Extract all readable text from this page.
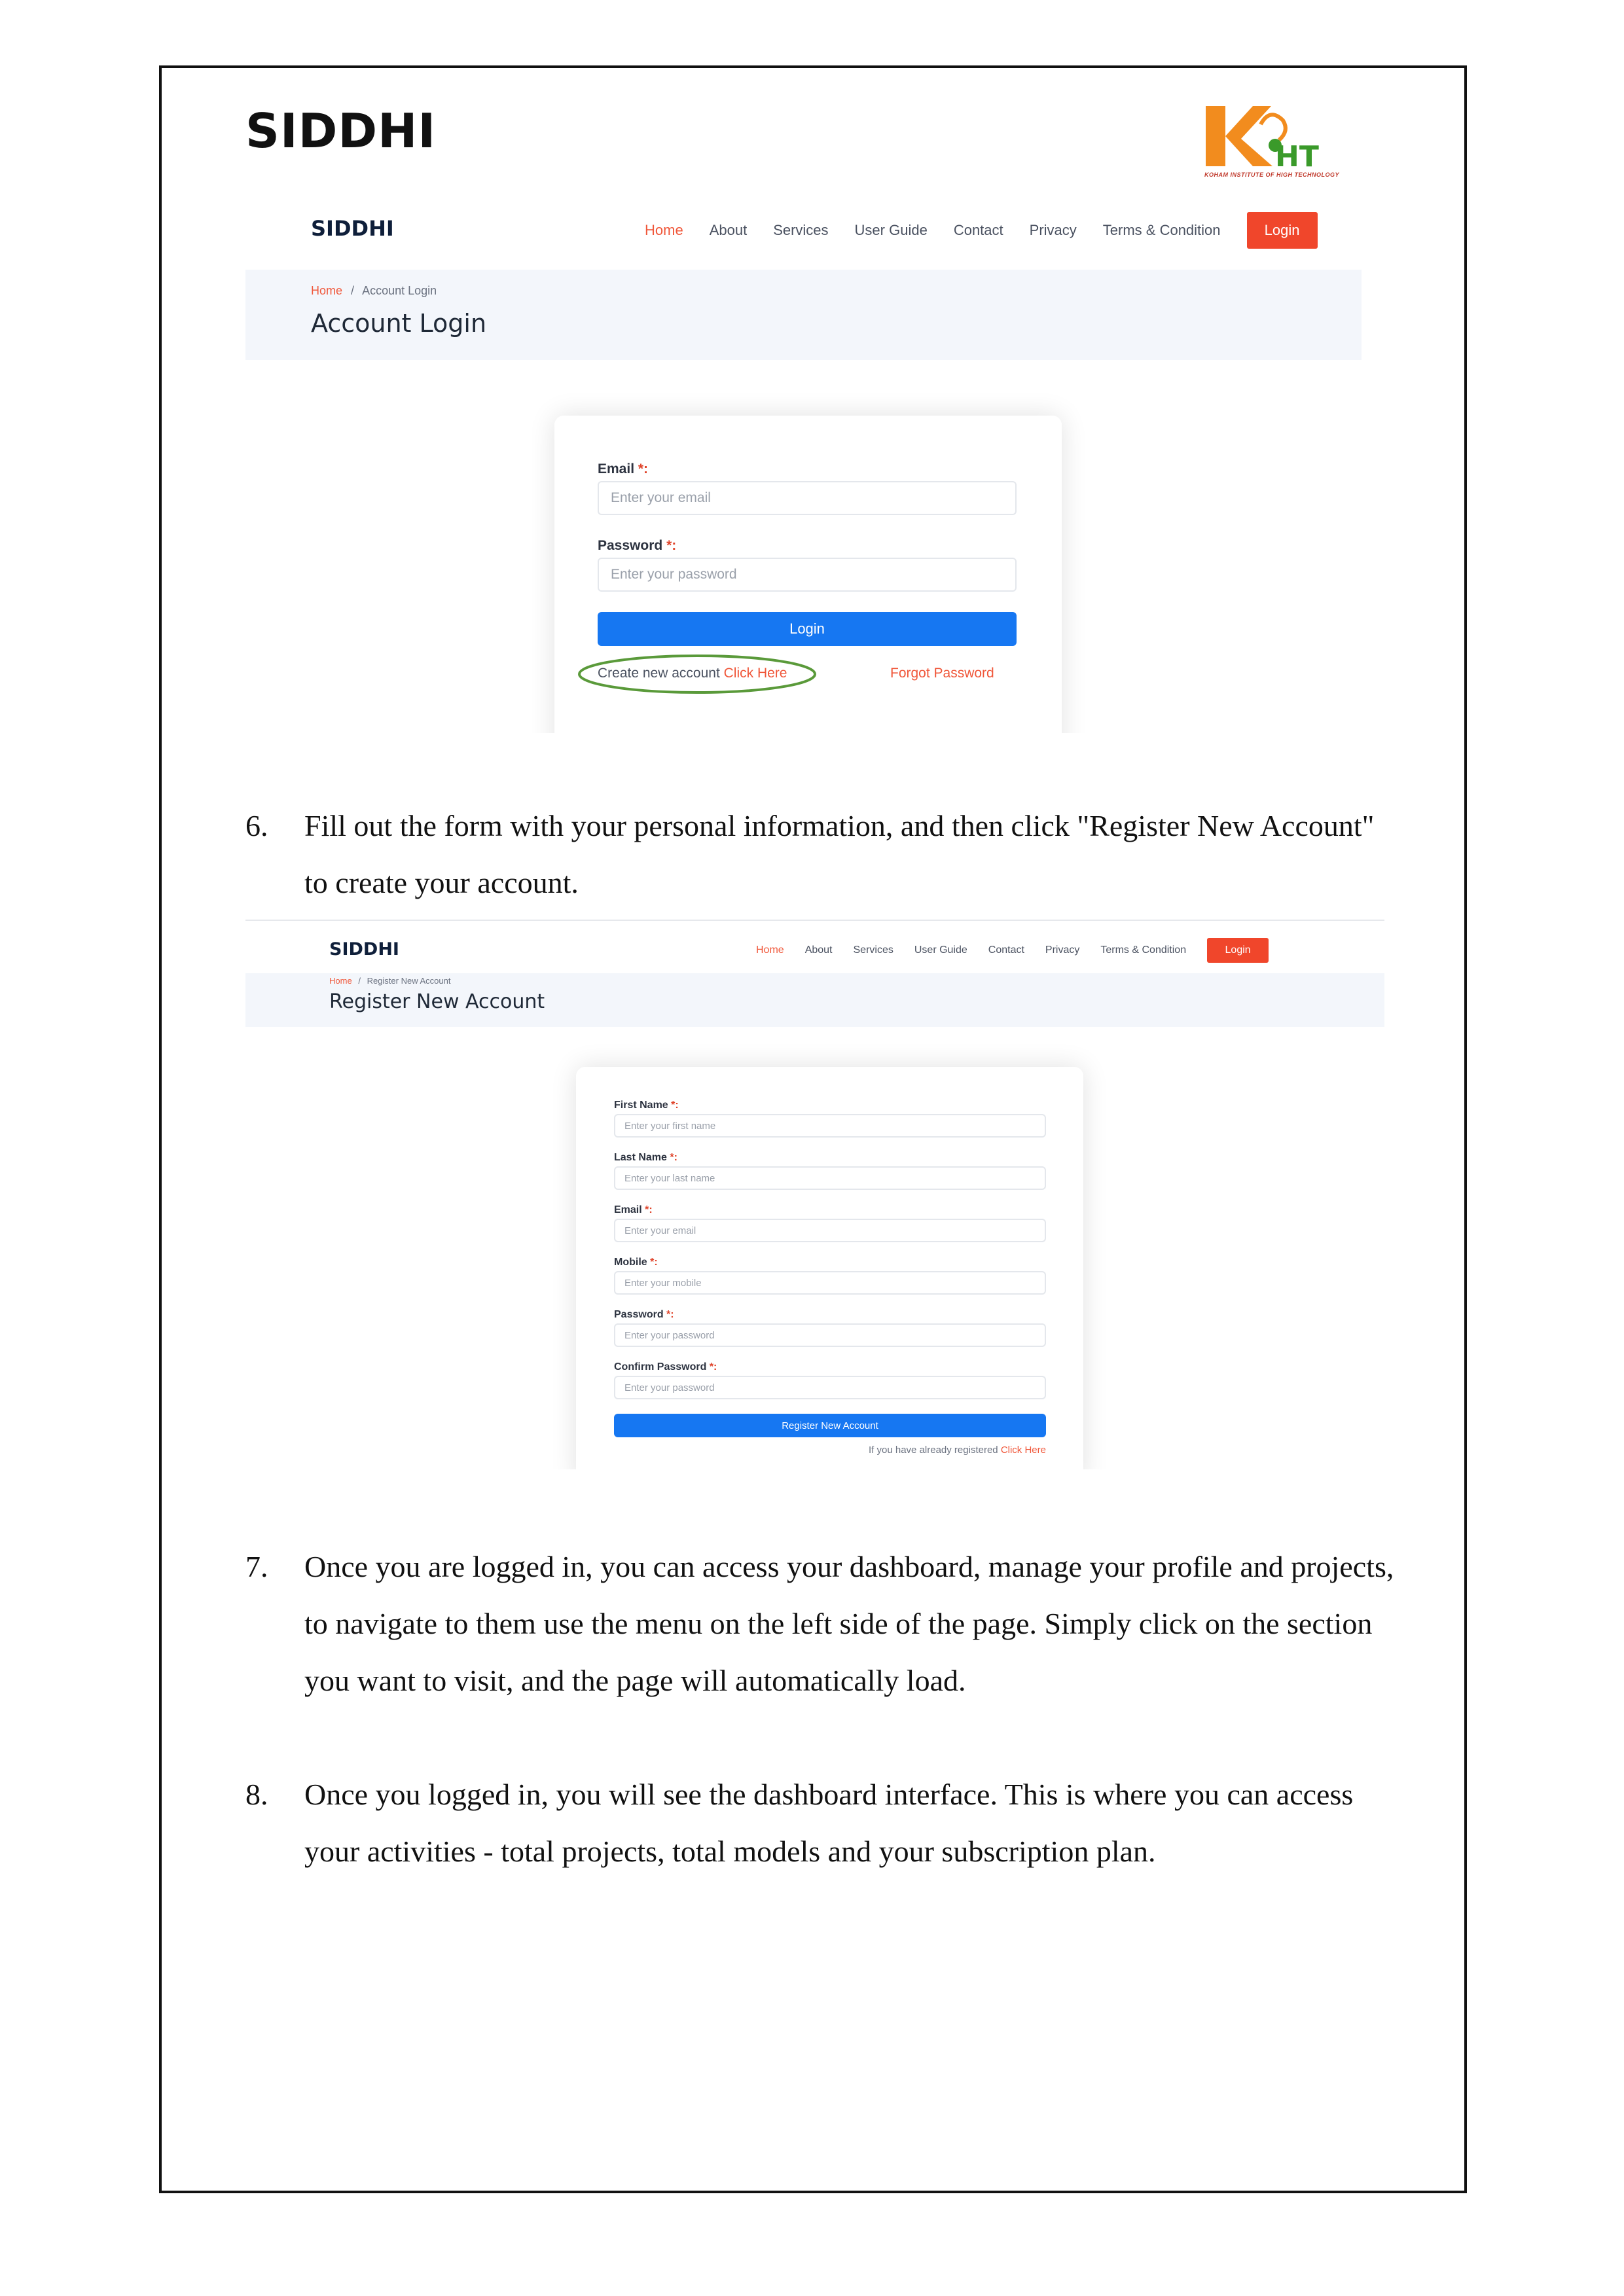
SIDDHI	HT
KOHAM INSTITUTE OF HIGH TECHNOLOGY
SIDDHI	Home About Services User Guide Contact Privacy Terms & Condition	Login
Home / Account Login
Account Login
Email *:
Enter your email
Password *:
Enter your password
Login
Create new account Click Here	Forgot Password
6. Fill out the form with your personal information, and then click "Register New Account" to create your account.
SIDDHI	Home About Services User Guide Contact Privacy Terms & Condition	Login
Home / Register New Account
Register New Account
First Name *:
Enter your first name
Last Name *:
Enter your last name
Email *:
Enter your email
Mobile *:
Enter your mobile
Password *:
Enter your password
Confirm Password *:
Enter your password
Register New Account
If you have already registered Click Here
7. Once you are logged in, you can access your dashboard, manage your profile and projects, to navigate to them use the menu on the left side of the page. Simply click on the section you want to visit, and the page will automatically load.
8. Once you logged in, you will see the dashboard interface. This is where you can access your activities - total projects, total models and your subscription plan.
